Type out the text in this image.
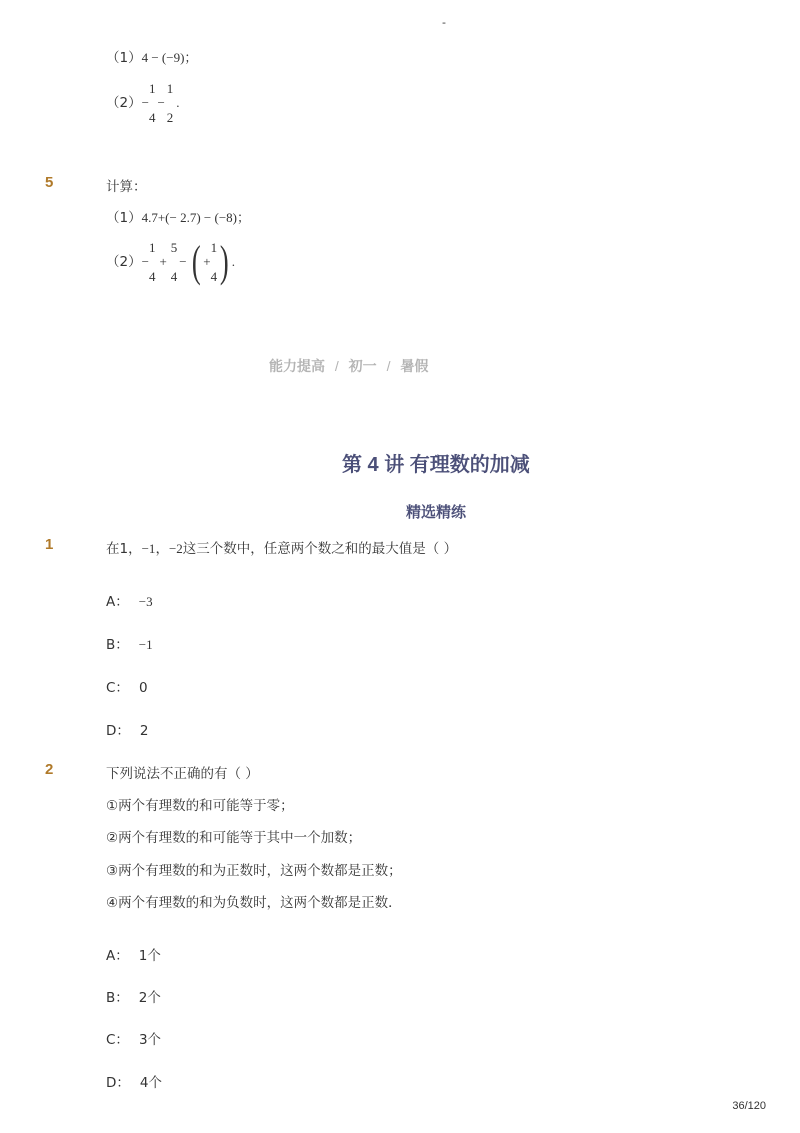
-
（1）4 − (−9)；
（2）−
1
4
−
1
2
.
5	计算：
（1）4.7+(− 2.7) − (−8)；
（2）−
1
4
+
5
4
− ( +
1
4 ) .
能力提高 / 初一 / 暑假
第 4 讲 有理数的加减
精选精练
1	在1，−1，−2这三个数中，任意两个数之和的最大值是（ ）
A： −3
B： −1
C： 0
D： 2
2	下列说法不正确的有（ ）
①两个有理数的和可能等于零；
②两个有理数的和可能等于其中一个加数；
③两个有理数的和为正数时，这两个数都是正数；
④两个有理数的和为负数时，这两个数都是正数．
A： 1个
B： 2个
C： 3个
D： 4个
36/120
